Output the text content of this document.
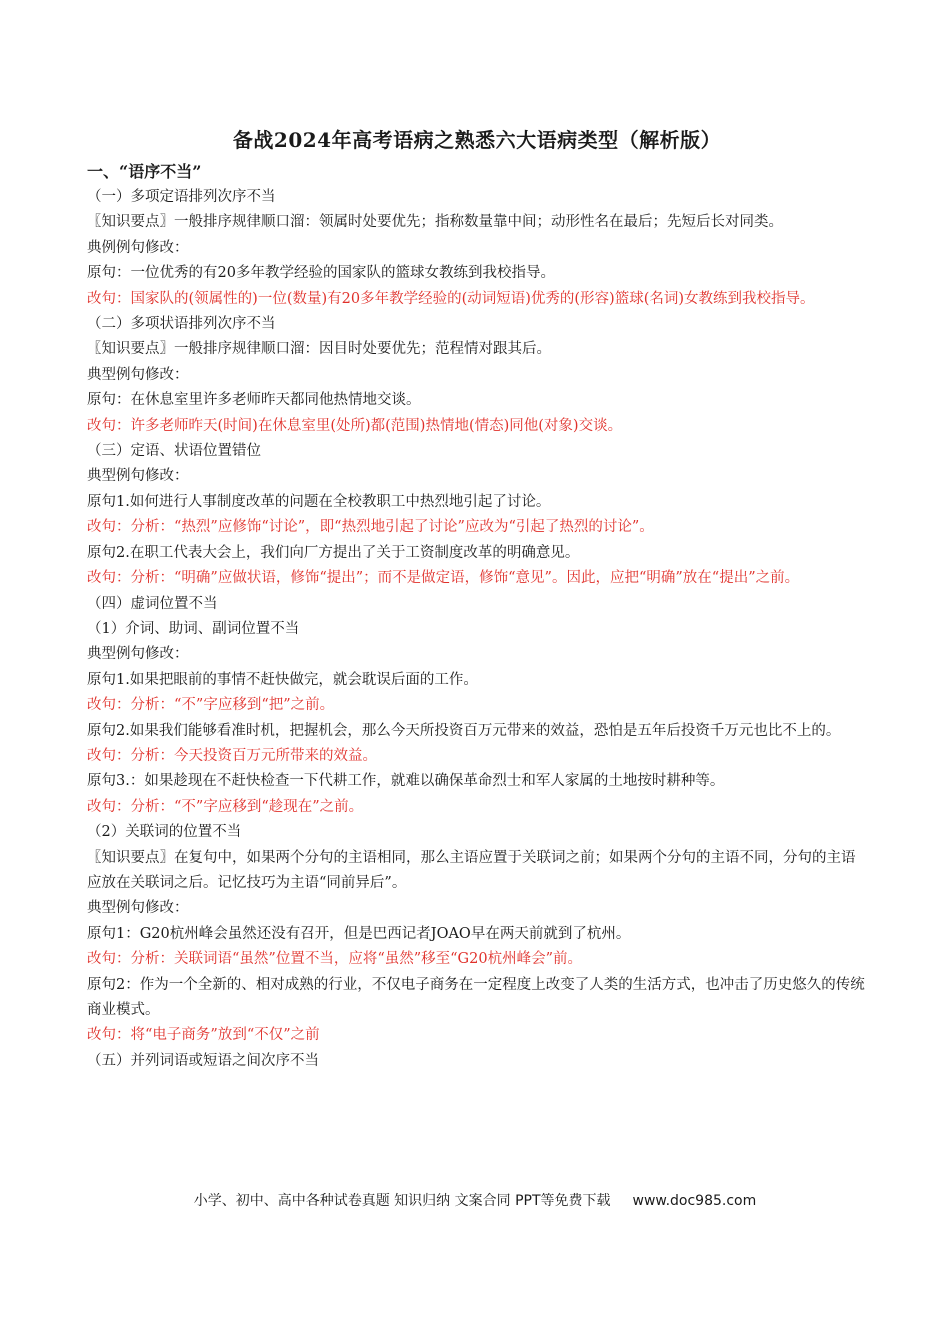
备战2024年高考语病之熟悉六大语病类型（解析版）
一、“语序不当”

（一）多项定语排列次序不当

〖知识要点〗一般排序规律顺口溜：领属时处要优先；指称数量靠中间；动形性名在最后；先短后长对同类。

典例例句修改：

原句：一位优秀的有20多年教学经验的国家队的篮球女教练到我校指导。

改句：国家队的(领属性的)一位(数量)有20多年教学经验的(动词短语)优秀的(形容)篮球(名词)女教练到我校指导。

（二）多项状语排列次序不当

〖知识要点〗一般排序规律顺口溜：因目时处要优先；范程情对跟其后。

典型例句修改：

原句：在休息室里许多老师昨天都同他热情地交谈。

改句：许多老师昨天(时间)在休息室里(处所)都(范围)热情地(情态)同他(对象)交谈。

（三）定语、状语位置错位

典型例句修改：

原句1.如何进行人事制度改革的问题在全校教职工中热烈地引起了讨论。

改句：分析：“热烈”应修饰“讨论”，即“热烈地引起了讨论”应改为“引起了热烈的讨论”。

原句2.在职工代表大会上，我们向厂方提出了关于工资制度改革的明确意见。

改句：分析：“明确”应做状语，修饰“提出”；而不是做定语，修饰“意见”。因此，应把“明确”放在“提出”之前。

（四）虚词位置不当

（1）介词、助词、副词位置不当

典型例句修改：

原句1.如果把眼前的事情不赶快做完，就会耽误后面的工作。

改句：分析：“不”字应移到“把”之前。

原句2.如果我们能够看准时机，把握机会，那么今天所投资百万元带来的效益，恐怕是五年后投资千万元也比不上的。

改句：分析：今天投资百万元所带来的效益。

原句3.：如果趁现在不赶快检查一下代耕工作，就难以确保革命烈士和军人家属的土地按时耕种等。

改句：分析：“不”字应移到“趁现在”之前。

（2）关联词的位置不当

〖知识要点〗在复句中，如果两个分句的主语相同，那么主语应置于关联词之前；如果两个分句的主语不同，分句的主语应放在关联词之后。记忆技巧为主语“同前异后”。

典型例句修改：

原句1：G20杭州峰会虽然还没有召开，但是巴西记者JOAO早在两天前就到了杭州。

改句：分析：关联词语“虽然”位置不当，应将“虽然”移至“G20杭州峰会”前。

原句2：作为一个全新的、相对成熟的行业，不仅电子商务在一定程度上改变了人类的生活方式，也冲击了历史悠久的传统商业模式。

改句：将“电子商务”放到“不仅”之前

（五）并列词语或短语之间次序不当

小学、初中、高中各种试卷真题 知识归纳 文案合同 PPT等免费下载 www.doc985.com
